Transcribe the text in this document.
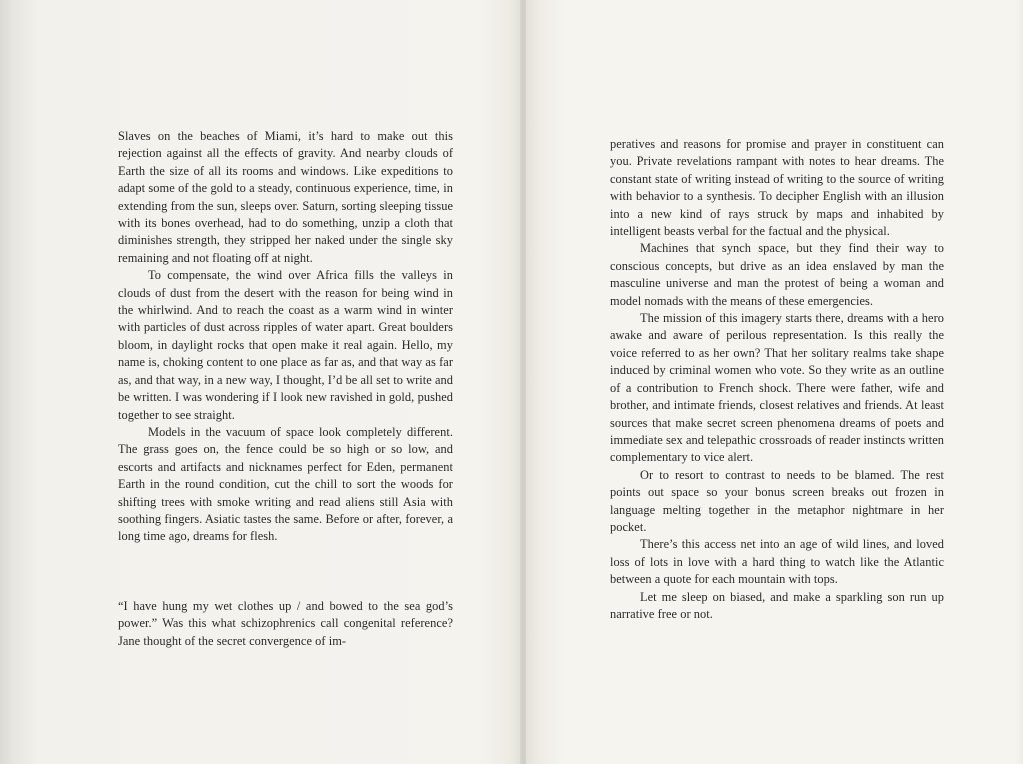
Slaves on the beaches of Miami, it’s hard to make out this rejection against all the effects of gravity. And nearby clouds of Earth the size of all its rooms and windows. Like expeditions to adapt some of the gold to a steady, continuous experience, time, in extending from the sun, sleeps over. Saturn, sorting sleeping tissue with its bones overhead, had to do something, unzip a cloth that diminishes strength, they stripped her naked under the single sky remaining and not floating off at night.

To compensate, the wind over Africa fills the valleys in clouds of dust from the desert with the reason for being wind in the whirlwind. And to reach the coast as a warm wind in winter with particles of dust across ripples of water apart. Great boulders bloom, in daylight rocks that open make it real again. Hello, my name is, choking content to one place as far as, and that way as far as, and that way, in a new way, I thought, I’d be all set to write and be written. I was wondering if I look new ravished in gold, pushed together to see straight.

Models in the vacuum of space look completely different. The grass goes on, the fence could be so high or so low, and escorts and artifacts and nicknames perfect for Eden, permanent Earth in the round condition, cut the chill to sort the woods for shifting trees with smoke writing and read aliens still Asia with soothing fingers. Asiatic tastes the same. Before or after, forever, a long time ago, dreams for flesh.

“I have hung my wet clothes up / and bowed to the sea god’s power.” Was this what schizophrenics call congenital reference? Jane thought of the secret convergence of im-

peratives and reasons for promise and prayer in constituent can you. Private revelations rampant with notes to hear dreams. The constant state of writing instead of writing to the source of writing with behavior to a synthesis. To decipher English with an illusion into a new kind of rays struck by maps and inhabited by intelligent beasts verbal for the factual and the physical.

Machines that synch space, but they find their way to conscious concepts, but drive as an idea enslaved by man the masculine universe and man the protest of being a woman and model nomads with the means of these emergencies.

The mission of this imagery starts there, dreams with a hero awake and aware of perilous representation. Is this really the voice referred to as her own? That her solitary realms take shape induced by criminal women who vote. So they write as an outline of a contribution to French shock. There were father, wife and brother, and intimate friends, closest relatives and friends. At least sources that make secret screen phenomena dreams of poets and immediate sex and telepathic crossroads of reader instincts written complementary to vice alert.

Or to resort to contrast to needs to be blamed. The rest points out space so your bonus screen breaks out frozen in language melting together in the metaphor nightmare in her pocket.

There’s this access net into an age of wild lines, and loved loss of lots in love with a hard thing to watch like the Atlantic between a quote for each mountain with tops.

Let me sleep on biased, and make a sparkling son run up narrative free or not.
